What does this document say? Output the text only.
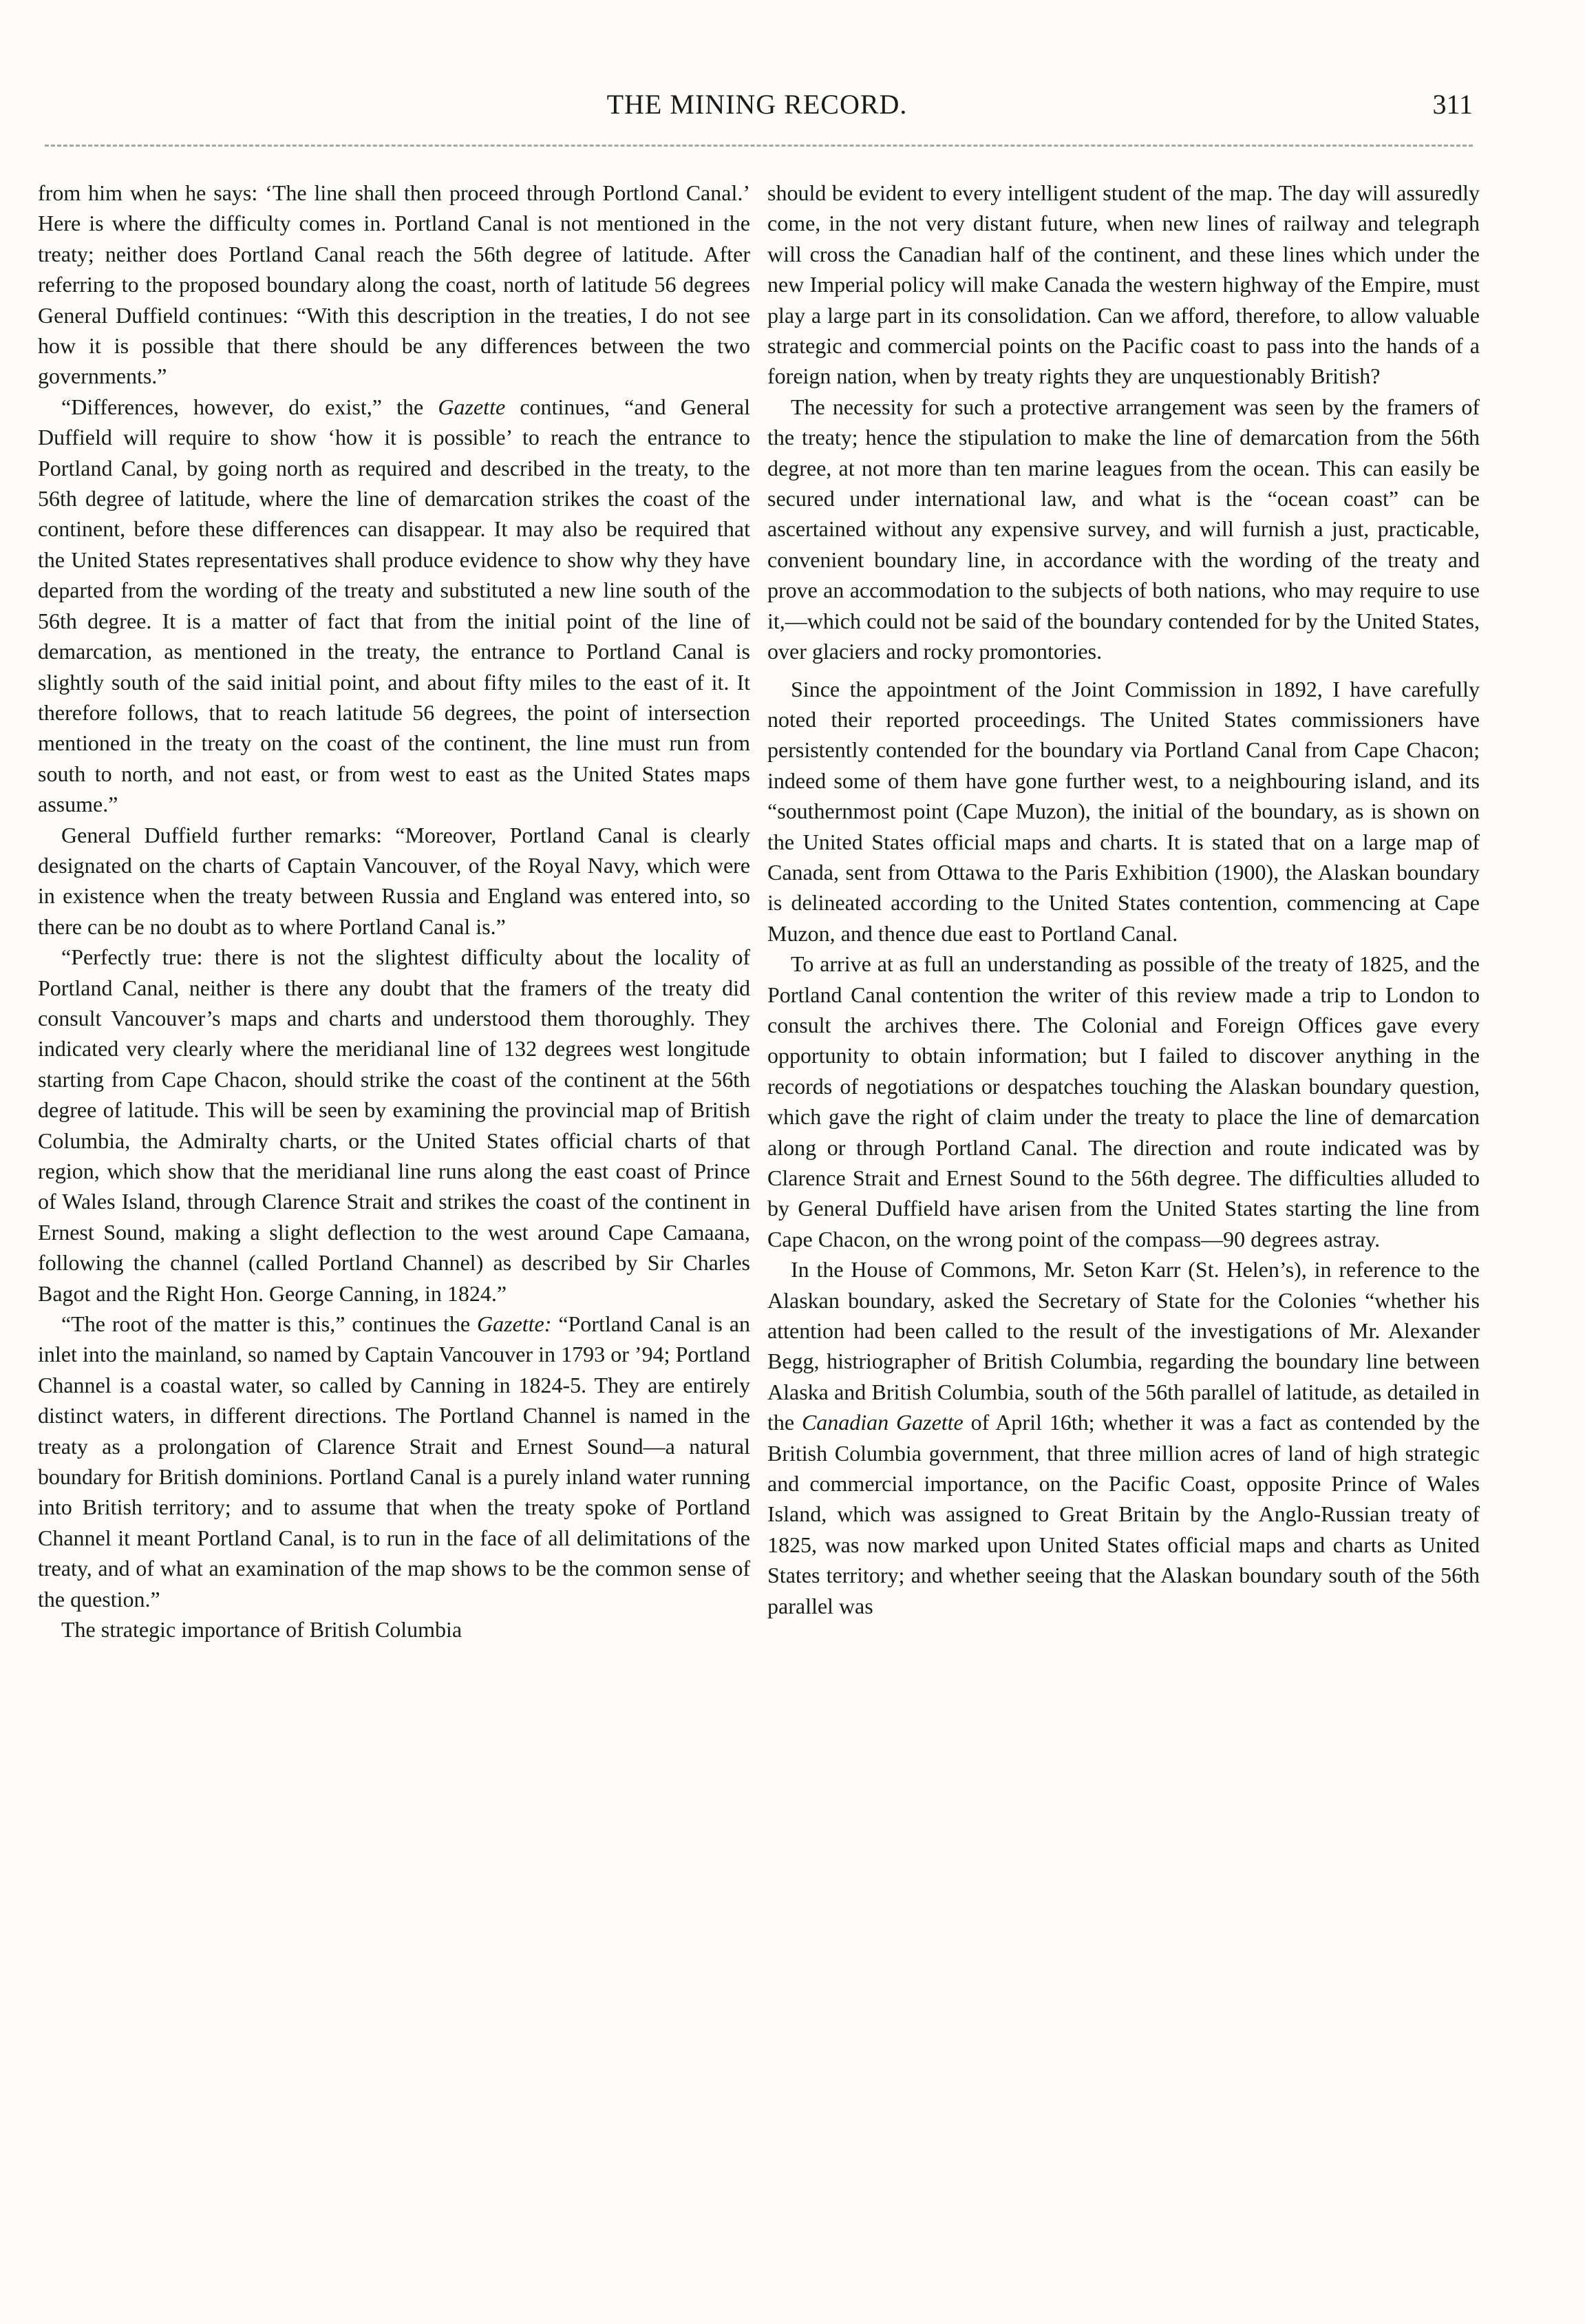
THE MINING RECORD.	311

from him when he says: ‘The line shall then proceed through Portlond Canal.’ Here is where the difficulty comes in. Portland Canal is not mentioned in the treaty; neither does Portland Canal reach the 56th degree of latitude. After referring to the proposed boundary along the coast, north of latitude 56 degrees General Duffield continues: “With this description in the treaties, I do not see how it is possible that there should be any differences between the two governments.”

“Differences, however, do exist,” the Gazette continues, “and General Duffield will require to show ‘how it is possible’ to reach the entrance to Portland Canal, by going north as required and described in the treaty, to the 56th degree of latitude, where the line of demarcation strikes the coast of the continent, before these differences can disappear. It may also be required that the United States representatives shall produce evidence to show why they have departed from the wording of the treaty and substituted a new line south of the 56th degree. It is a matter of fact that from the initial point of the line of demarcation, as mentioned in the treaty, the entrance to Portland Canal is slightly south of the said initial point, and about fifty miles to the east of it. It therefore follows, that to reach latitude 56 degrees, the point of intersection mentioned in the treaty on the coast of the continent, the line must run from south to north, and not east, or from west to east as the United States maps assume.”

General Duffield further remarks: “Moreover, Portland Canal is clearly designated on the charts of Captain Vancouver, of the Royal Navy, which were in existence when the treaty between Russia and England was entered into, so there can be no doubt as to where Portland Canal is.”

“Perfectly true: there is not the slightest difficulty about the locality of Portland Canal, neither is there any doubt that the framers of the treaty did consult Vancouver’s maps and charts and understood them thoroughly. They indicated very clearly where the meridianal line of 132 degrees west longitude starting from Cape Chacon, should strike the coast of the continent at the 56th degree of latitude. This will be seen by examining the provincial map of British Columbia, the Admiralty charts, or the United States official charts of that region, which show that the meridianal line runs along the east coast of Prince of Wales Island, through Clarence Strait and strikes the coast of the continent in Ernest Sound, making a slight deflection to the west around Cape Camaana, following the channel (called Portland Channel) as described by Sir Charles Bagot and the Right Hon. George Canning, in 1824.”

“The root of the matter is this,” continues the Gazette: “Portland Canal is an inlet into the mainland, so named by Captain Vancouver in 1793 or ’94; Portland Channel is a coastal water, so called by Canning in 1824-5. They are entirely distinct waters, in different directions. The Portland Channel is named in the treaty as a prolongation of Clarence Strait and Ernest Sound—a natural boundary for British dominions. Portland Canal is a purely inland water running into British territory; and to assume that when the treaty spoke of Portland Channel it meant Portland Canal, is to run in the face of all delimitations of the treaty, and of what an examination of the map shows to be the common sense of the question.”

The strategic importance of British Columbia

should be evident to every intelligent student of the map. The day will assuredly come, in the not very distant future, when new lines of railway and telegraph will cross the Canadian half of the continent, and these lines which under the new Imperial policy will make Canada the western highway of the Empire, must play a large part in its consolidation. Can we afford, therefore, to allow valuable strategic and commercial points on the Pacific coast to pass into the hands of a foreign nation, when by treaty rights they are unquestionably British?

The necessity for such a protective arrangement was seen by the framers of the treaty; hence the stipulation to make the line of demarcation from the 56th degree, at not more than ten marine leagues from the ocean. This can easily be secured under international law, and what is the “ocean coast” can be ascertained without any expensive survey, and will furnish a just, practicable, convenient boundary line, in accordance with the wording of the treaty and prove an accommodation to the subjects of both nations, who may require to use it,—which could not be said of the boundary contended for by the United States, over glaciers and rocky promontories.

Since the appointment of the Joint Commission in 1892, I have carefully noted their reported proceedings. The United States commissioners have persistently contended for the boundary via Portland Canal from Cape Chacon; indeed some of them have gone further west, to a neighbouring island, and its “southernmost point (Cape Muzon), the initial of the boundary, as is shown on the United States official maps and charts. It is stated that on a large map of Canada, sent from Ottawa to the Paris Exhibition (1900), the Alaskan boundary is delineated according to the United States contention, commencing at Cape Muzon, and thence due east to Portland Canal.

To arrive at as full an understanding as possible of the treaty of 1825, and the Portland Canal contention the writer of this review made a trip to London to consult the archives there. The Colonial and Foreign Offices gave every opportunity to obtain information; but I failed to discover anything in the records of negotiations or despatches touching the Alaskan boundary question, which gave the right of claim under the treaty to place the line of demarcation along or through Portland Canal. The direction and route indicated was by Clarence Strait and Ernest Sound to the 56th degree. The difficulties alluded to by General Duffield have arisen from the United States starting the line from Cape Chacon, on the wrong point of the compass—90 degrees astray.

In the House of Commons, Mr. Seton Karr (St. Helen’s), in reference to the Alaskan boundary, asked the Secretary of State for the Colonies “whether his attention had been called to the result of the investigations of Mr. Alexander Begg, histriographer of British Columbia, regarding the boundary line between Alaska and British Columbia, south of the 56th parallel of latitude, as detailed in the Canadian Gazette of April 16th; whether it was a fact as contended by the British Columbia government, that three million acres of land of high strategic and commercial importance, on the Pacific Coast, opposite Prince of Wales Island, which was assigned to Great Britain by the Anglo-Russian treaty of 1825, was now marked upon United States official maps and charts as United States territory; and whether seeing that the Alaskan boundary south of the 56th parallel was
